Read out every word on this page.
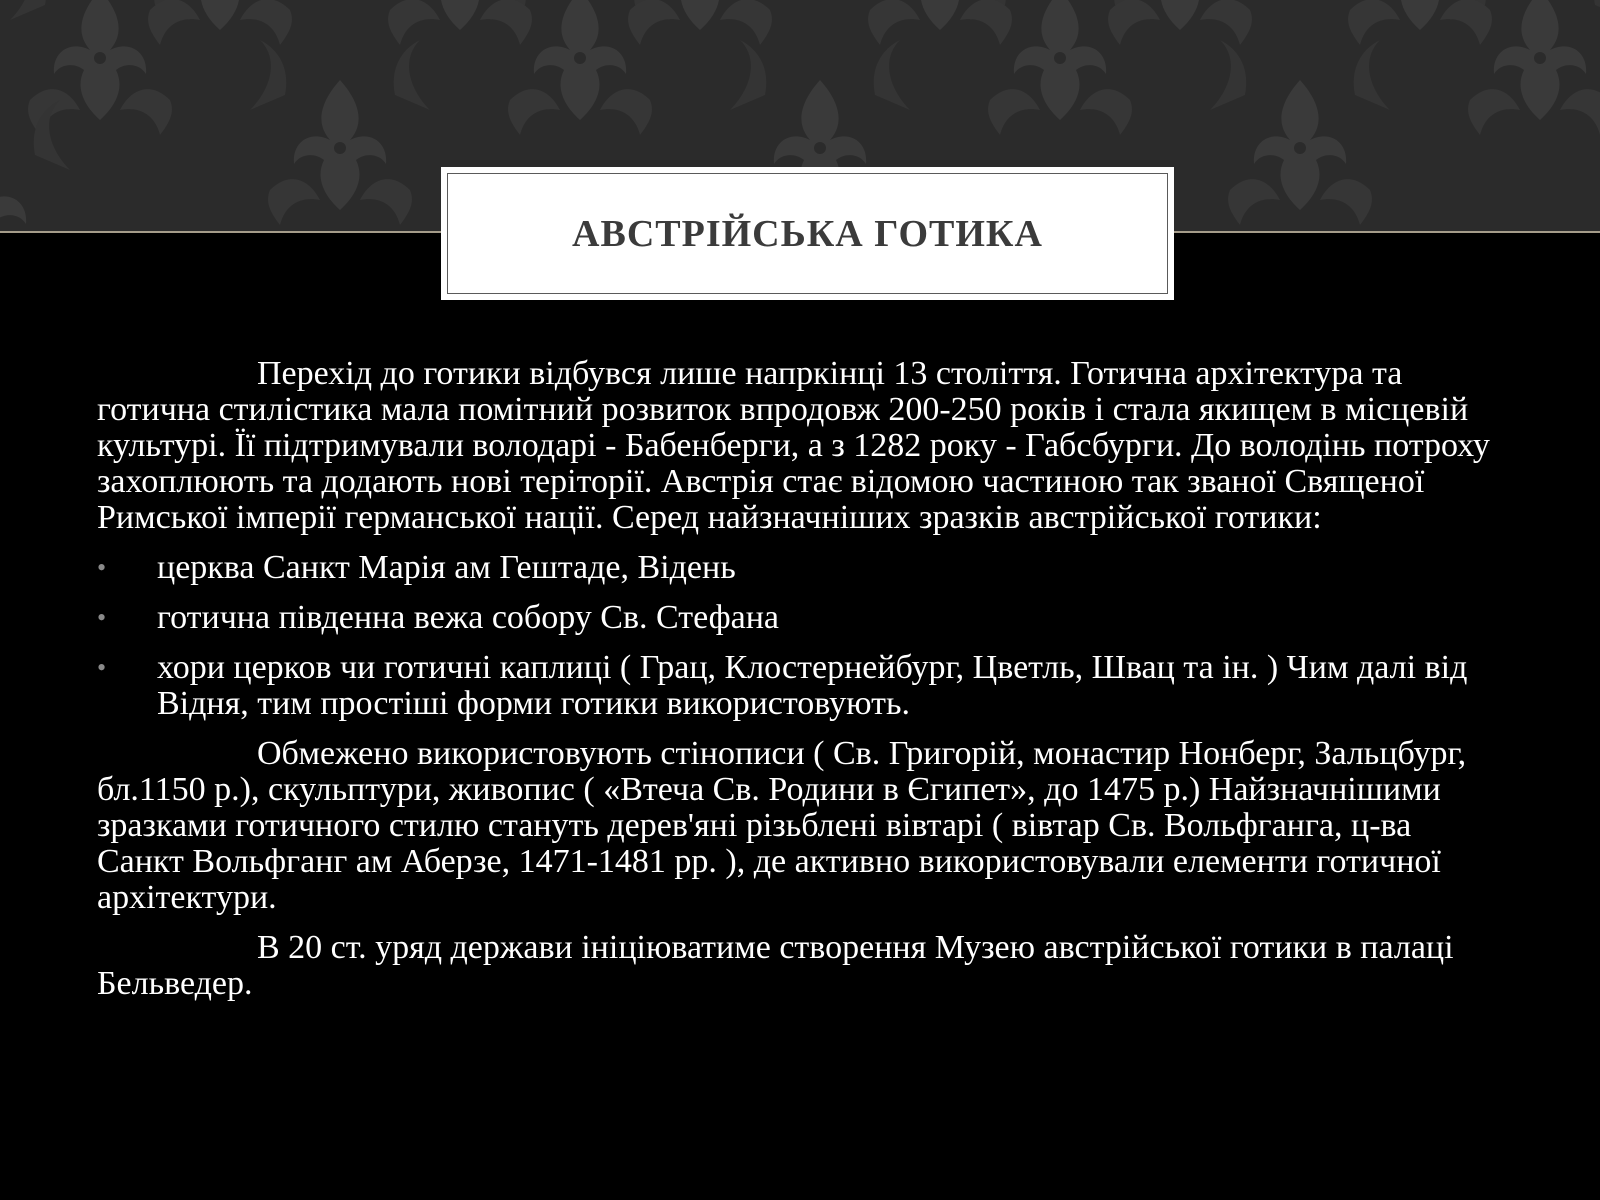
АВСТРІЙСЬКА ГОТИКА

Перехід до готики відбувся лише напркінці 13 століття. Готична архітектура та готична стилістика мала помітний розвиток впродовж 200-250 років і стала якищем в місцевій культурі. Її підтримували володарі - Бабенберги, а з 1282 року - Габсбурги. До володінь потроху захоплюють та додають нові теріторії. Австрія стає відомою частиною так званої Священої Римської імперії германської нації. Серед найзначніших зразків австрійської готики:

• церква Санкт Марія ам Гештаде, Відень
• готична південна вежа собору Св. Стефана
• хори церков чи готичні каплиці ( Грац, Клостернейбург, Цветль, Швац та ін. ) Чим далі від Відня, тим простіші форми готики використовують.

Обмежено використовують стінописи ( Св. Григорій, монастир Нонберг, Зальцбург, бл.1150 р.), скульптури, живопис ( «Втеча Св. Родини в Єгипет», до 1475 р.) Найзначнішими зразками готичного стилю стануть дерев'яні різьблені вівтарі ( вівтар Св. Вольфганга, ц-ва Санкт Вольфганг ам Аберзе, 1471-1481 рр. ), де активно використовували елементи готичної архітектури.

В 20 ст. уряд держави ініціюватиме створення Музею австрійської готики в палаці Бельведер.
